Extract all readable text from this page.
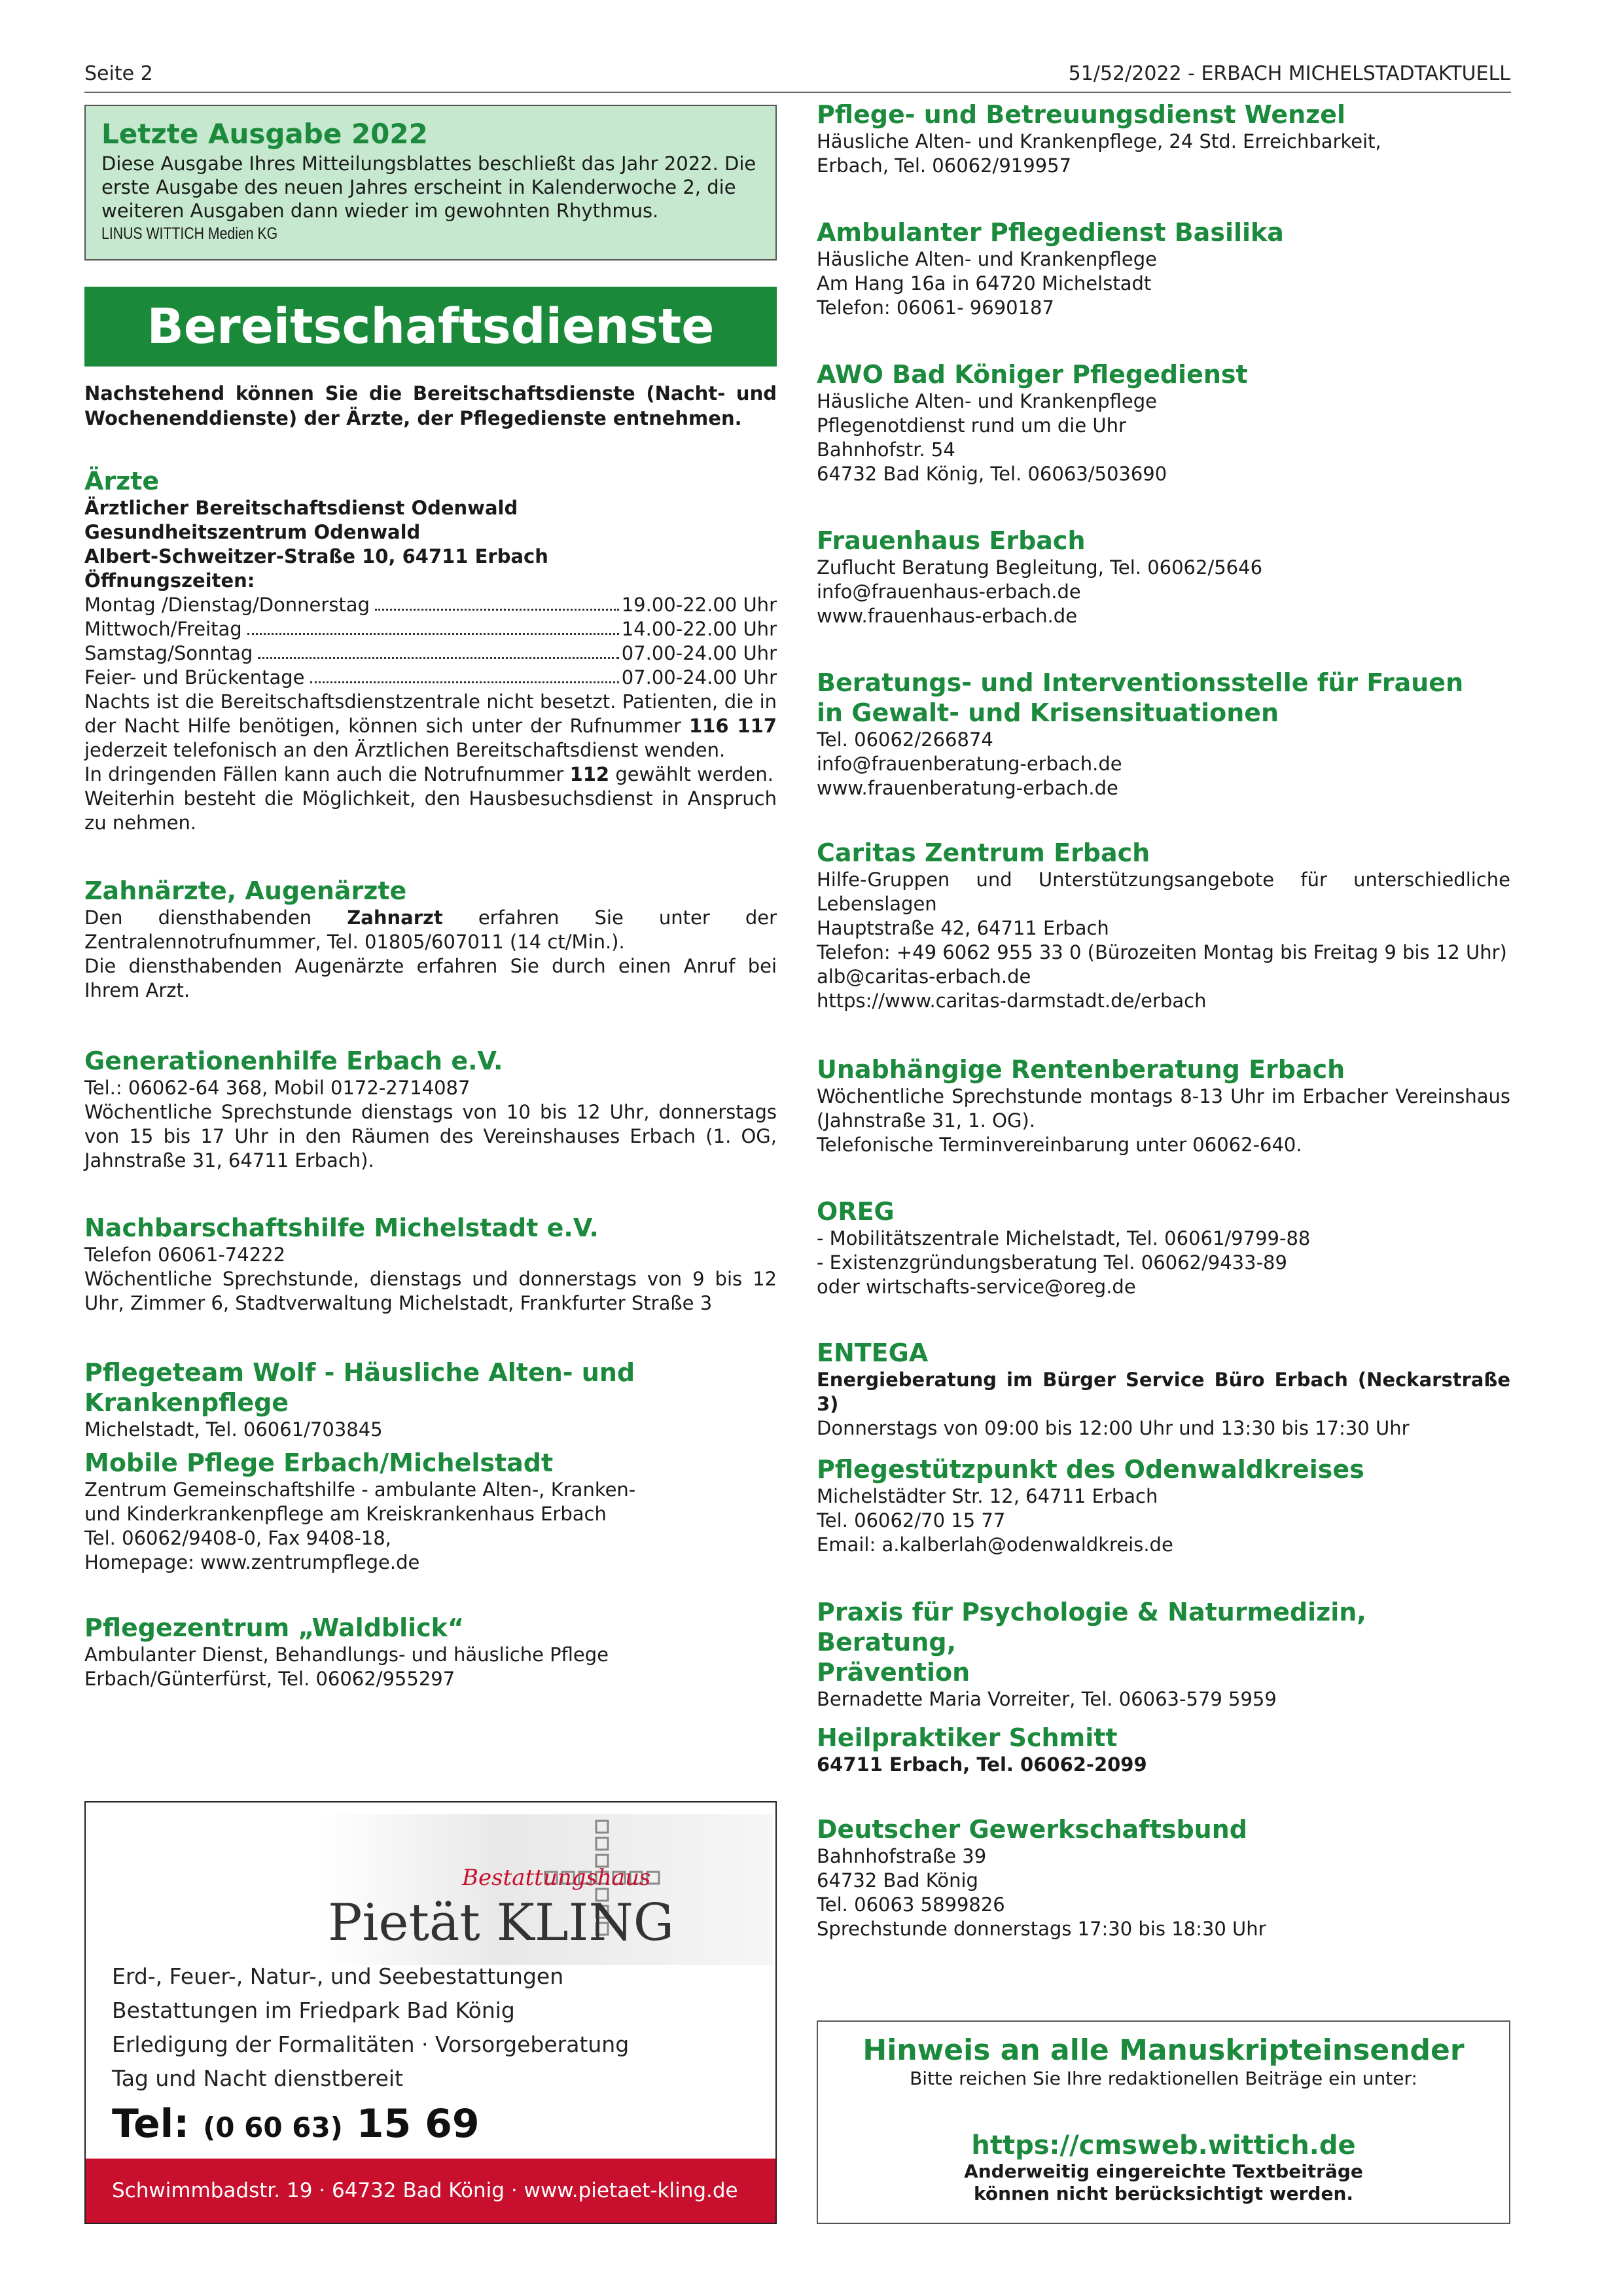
Seite 2	51/52/2022 - ERBACH MICHELSTADTAKTUELL
Letzte Ausgabe 2022
Diese Ausgabe Ihres Mitteilungsblattes beschließt das Jahr 2022. Die erste Ausgabe des neuen Jahres erscheint in Kalenderwoche 2, die weiteren Ausgaben dann wieder im gewohnten Rhythmus.
LINUS WITTICH Medien KG
Bereitschaftsdienste
Nachstehend können Sie die Bereitschaftsdienste (Nacht- und Wochenenddienste) der Ärzte, der Pflegedienste entnehmen.
Ärzte

Ärztlicher Bereitschaftsdienst Odenwald

Gesundheitszentrum Odenwald

Albert-Schweitzer-Straße 10, 64711 Erbach

Öffnungszeiten:

Montag /Dienstag/Donnerstag	19.00-22.00 Uhr
Mittwoch/Freitag	14.00-22.00 Uhr
Samstag/Sonntag	07.00-24.00 Uhr
Feier- und Brückentage	07.00-24.00 Uhr

Nachts ist die Bereitschaftsdienstzentrale nicht besetzt. Patienten, die in der Nacht Hilfe benötigen, können sich unter der Rufnummer 116 117 jederzeit telefonisch an den Ärztlichen Bereitschaftsdienst wenden.

In dringenden Fällen kann auch die Notrufnummer 112 gewählt werden.

Weiterhin besteht die Möglichkeit, den Hausbesuchsdienst in Anspruch zu nehmen.

Zahnärzte, Augenärzte

Den diensthabenden Zahnarzt erfahren Sie unter der Zentralennotrufnummer, Tel. 01805/607011 (14 ct/Min.).

Die diensthabenden Augenärzte erfahren Sie durch einen Anruf bei Ihrem Arzt.

Generationenhilfe Erbach e.V.

Tel.: 06062-64 368, Mobil 0172-2714087

Wöchentliche Sprechstunde dienstags von 10 bis 12 Uhr, donnerstags von 15 bis 17 Uhr in den Räumen des Vereinshauses Erbach (1. OG, Jahnstraße 31, 64711 Erbach).

Nachbarschaftshilfe Michelstadt e.V.

Telefon 06061-74222

Wöchentliche Sprechstunde, dienstags und donnerstags von 9 bis 12 Uhr, Zimmer 6, Stadtverwaltung Michelstadt, Frankfurter Straße 3

Pflegeteam Wolf - Häusliche Alten- und Krankenpflege

Michelstadt, Tel. 06061/703845

Mobile Pflege Erbach/Michelstadt

Zentrum Gemeinschaftshilfe - ambulante Alten-, Kranken-

und Kinderkrankenpflege am Kreiskrankenhaus Erbach

Tel. 06062/9408-0, Fax 9408-18,

Homepage: www.zentrumpflege.de

Pflegezentrum „Waldblick“

Ambulanter Dienst, Behandlungs- und häusliche Pflege

Erbach/Günterfürst, Tel. 06062/955297

Bestattungshaus
Pietät KLING
Erd-, Feuer-, Natur-, und Seebestattungen
Bestattungen im Friedpark Bad König
Erledigung der Formalitäten · Vorsorgeberatung
Tag und Nacht dienstbereit
Tel: (0 60 63) 15 69
Schwimmbadstr. 19 · 64732 Bad König · www.pietaet-kling.de
Pflege- und Betreuungsdienst Wenzel

Häusliche Alten- und Krankenpflege, 24 Std. Erreichbarkeit,

Erbach, Tel. 06062/919957

Ambulanter Pflegedienst Basilika

Häusliche Alten- und Krankenpflege

Am Hang 16a in 64720 Michelstadt

Telefon: 06061- 9690187

AWO Bad Königer Pflegedienst

Häusliche Alten- und Krankenpflege

Pflegenotdienst rund um die Uhr

Bahnhofstr. 54

64732 Bad König, Tel. 06063/503690

Frauenhaus Erbach

Zuflucht Beratung Begleitung, Tel. 06062/5646

info@frauenhaus-erbach.de

www.frauenhaus-erbach.de

Beratungs- und Interventionsstelle für Frauen
in Gewalt- und Krisensituationen

Tel. 06062/266874

info@frauenberatung-erbach.de

www.frauenberatung-erbach.de

Caritas Zentrum Erbach

Hilfe-Gruppen und Unterstützungsangebote für unterschiedliche Lebenslagen

Hauptstraße 42, 64711 Erbach

Telefon: +49 6062 955 33 0 (Bürozeiten Montag bis Freitag 9 bis 12 Uhr)

alb@caritas-erbach.de

https://www.caritas-darmstadt.de/erbach

Unabhängige Rentenberatung Erbach

Wöchentliche Sprechstunde montags 8-13 Uhr im Erbacher Vereinshaus (Jahnstraße 31, 1. OG).

Telefonische Terminvereinbarung unter 06062-640.

OREG

- Mobilitätszentrale Michelstadt, Tel. 06061/9799-88

- Existenzgründungsberatung Tel. 06062/9433-89

oder wirtschafts-service@oreg.de

ENTEGA

Energieberatung im Bürger Service Büro Erbach (Neckarstraße 3)

Donnerstags von 09:00 bis 12:00 Uhr und 13:30 bis 17:30 Uhr

Pflegestützpunkt des Odenwaldkreises

Michelstädter Str. 12, 64711 Erbach

Tel. 06062/70 15 77

Email: a.kalberlah@odenwaldkreis.de

Praxis für Psychologie & Naturmedizin, Beratung,
Prävention

Bernadette Maria Vorreiter, Tel. 06063-579 5959

Heilpraktiker Schmitt

64711 Erbach, Tel. 06062-2099

Deutscher Gewerkschaftsbund

Bahnhofstraße 39

64732 Bad König

Tel. 06063 5899826

Sprechstunde donnerstags 17:30 bis 18:30 Uhr

Hinweis an alle Manuskripteinsender
Bitte reichen Sie Ihre redaktionellen Beiträge ein unter:
https://cmsweb.wittich.de
Anderweitig eingereichte Textbeiträge
können nicht berücksichtigt werden.
